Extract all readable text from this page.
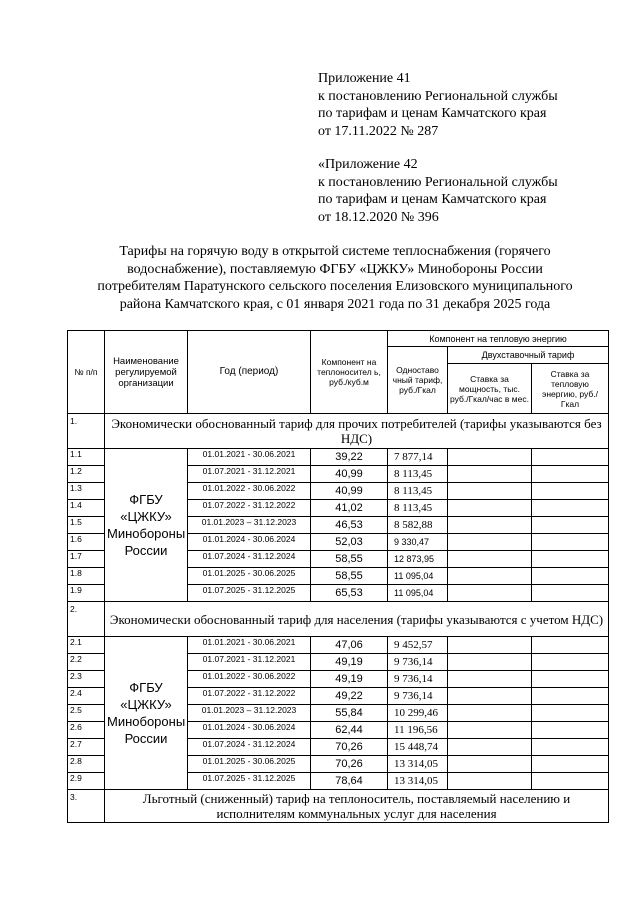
Приложение 41
к постановлению Региональной службы
по тарифам и ценам Камчатского края
от 17.11.2022 № 287
«Приложение 42
к постановлению Региональной службы
по тарифам и ценам Камчатского края
от 18.12.2020 № 396
Тарифы на горячую воду в открытой системе теплоснабжения (горячего
водоснабжение), поставляемую ФГБУ «ЦЖКУ» Минобороны России
потребителям Паратунского сельского поселения Елизовского муниципального
района Камчатского края, с 01 января 2021 года по 31 декабря 2025 года
№ п/п	Наименование регулируемой организации	Год (период)	Компонент на теплоносител ь, руб./куб.м	Компонент на тепловую энергию		
				Одноставо чный тариф, руб./Гкал	Двухставочный тариф	
					Ставка за мощность, тыс. руб./Гкал/час в мес.	Ставка за тепловую энергию, руб./Гкал
1.	Экономически обоснованный тариф для прочих потребителей (тарифы указываются без НДС)					
1.1	ФГБУ «ЦЖКУ» Минобороны России	01.01.2021 - 30.06.2021	39,22	7 877,14		
1.2		01.07.2021 - 31.12.2021	40,99	8 113,45		
1.3		01.01.2022 - 30.06.2022	40,99	8 113,45		
1.4		01.07.2022 - 31.12.2022	41,02	8 113,45		
1.5		01.01.2023 – 31.12.2023	46,53	8 582,88		
1.6		01.01.2024 - 30.06.2024	52,03	9 330,47		
1.7		01.07.2024 - 31.12.2024	58,55	12 873,95		
1.8		01.01.2025 - 30.06.2025	58,55	11 095,04		
1.9		01.07.2025 - 31.12.2025	65,53	11 095,04		
2.	Экономически обоснованный тариф для населения (тарифы указываются с учетом НДС)					
2.1	ФГБУ «ЦЖКУ» Минобороны России	01.01.2021 - 30.06.2021	47,06	9 452,57		
2.2		01.07.2021 - 31.12.2021	49,19	9 736,14		
2.3		01.01.2022 - 30.06.2022	49,19	9 736,14		
2.4		01.07.2022 - 31.12.2022	49,22	9 736,14		
2.5		01.01.2023 – 31.12.2023	55,84	10 299,46		
2.6		01.01.2024 - 30.06.2024	62,44	11 196,56		
2.7		01.07.2024 - 31.12.2024	70,26	15 448,74		
2.8		01.01.2025 - 30.06.2025	70,26	13 314,05		
2.9		01.07.2025 - 31.12.2025	78,64	13 314,05		
3.	Льготный (сниженный) тариф на теплоноситель, поставляемый населению и исполнителям коммунальных услуг для населения					
